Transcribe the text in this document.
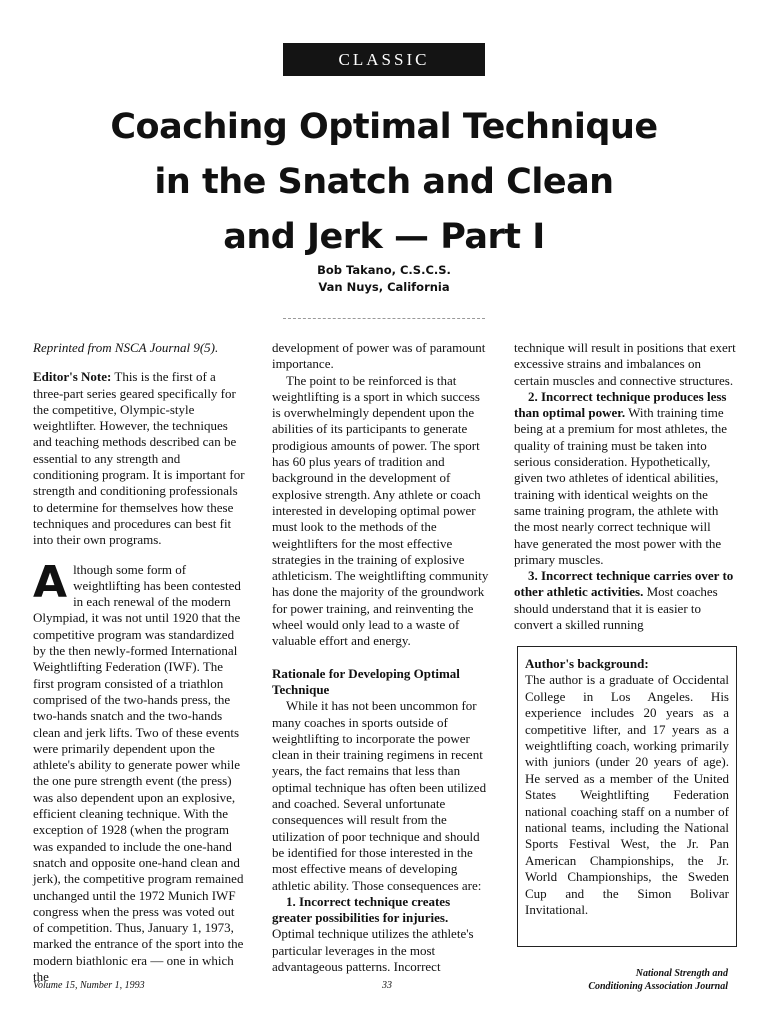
CLASSIC
Coaching Optimal Technique
in the Snatch and Clean
and Jerk — Part I
Bob Takano, C.S.C.S.
Van Nuys, California

Reprinted from NSCA Journal 9(5).

Editor's Note: This is the first of a three-part series geared specifically for the competitive, Olympic-style weightlifter. However, the techniques and teaching methods described can be essential to any strength and conditioning program. It is important for strength and conditioning professionals to determine for themselves how these techniques and procedures can best fit into their own programs.

Although some form of weightlifting has been contested in each renewal of the modern Olympiad, it was not until 1920 that the competitive program was standardized by the then newly-formed International Weightlifting Federation (IWF). The first program consisted of a triathlon comprised of the two-hands press, the two-hands snatch and the two-hands clean and jerk lifts. Two of these events were primarily dependent upon the athlete's ability to generate power while the one pure strength event (the press) was also dependent upon an explosive, efficient cleaning technique. With the exception of 1928 (when the program was expanded to include the one-hand snatch and opposite one-hand clean and jerk), the competitive program remained unchanged until the 1972 Munich IWF congress when the press was voted out of competition. Thus, January 1, 1973, marked the entrance of the sport into the modern biathlonic era — one in which the

development of power was of paramount importance.

The point to be reinforced is that weightlifting is a sport in which success is overwhelmingly dependent upon the abilities of its participants to generate prodigious amounts of power. The sport has 60 plus years of tradition and background in the development of explosive strength. Any athlete or coach interested in developing optimal power must look to the methods of the weightlifters for the most effective strategies in the training of explosive athleticism. The weightlifting community has done the majority of the groundwork for power training, and reinventing the wheel would only lead to a waste of valuable effort and energy.

Rationale for Developing Optimal Technique

While it has not been uncommon for many coaches in sports outside of weightlifting to incorporate the power clean in their training regimens in recent years, the fact remains that less than optimal technique has often been utilized and coached. Several unfortunate consequences will result from the utilization of poor technique and should be identified for those interested in the most effective means of developing athletic ability. Those consequences are:

1. Incorrect technique creates greater possibilities for injuries. Optimal technique utilizes the athlete's particular leverages in the most advantageous patterns. Incorrect

technique will result in positions that exert excessive strains and imbalances on certain muscles and connective structures.

2. Incorrect technique produces less than optimal power. With training time being at a premium for most athletes, the quality of training must be taken into serious consideration. Hypothetically, given two athletes of identical abilities, training with identical weights on the same training program, the athlete with the most nearly correct technique will have generated the most power with the primary muscles.

3. Incorrect technique carries over to other athletic activities. Most coaches should understand that it is easier to convert a skilled running

Author's background:

The author is a graduate of Occidental College in Los Angeles. His experience includes 20 years as a competitive lifter, and 17 years as a weightlifting coach, working primarily with juniors (under 20 years of age). He served as a member of the United States Weightlifting Federation national coaching staff on a number of national teams, including the National Sports Festival West, the Jr. Pan American Championships, the Jr. World Championships, the Sweden Cup and the Simon Bolivar Invitational.

Volume 15, Number 1, 1993	33
National Strength and
Conditioning Association Journal
